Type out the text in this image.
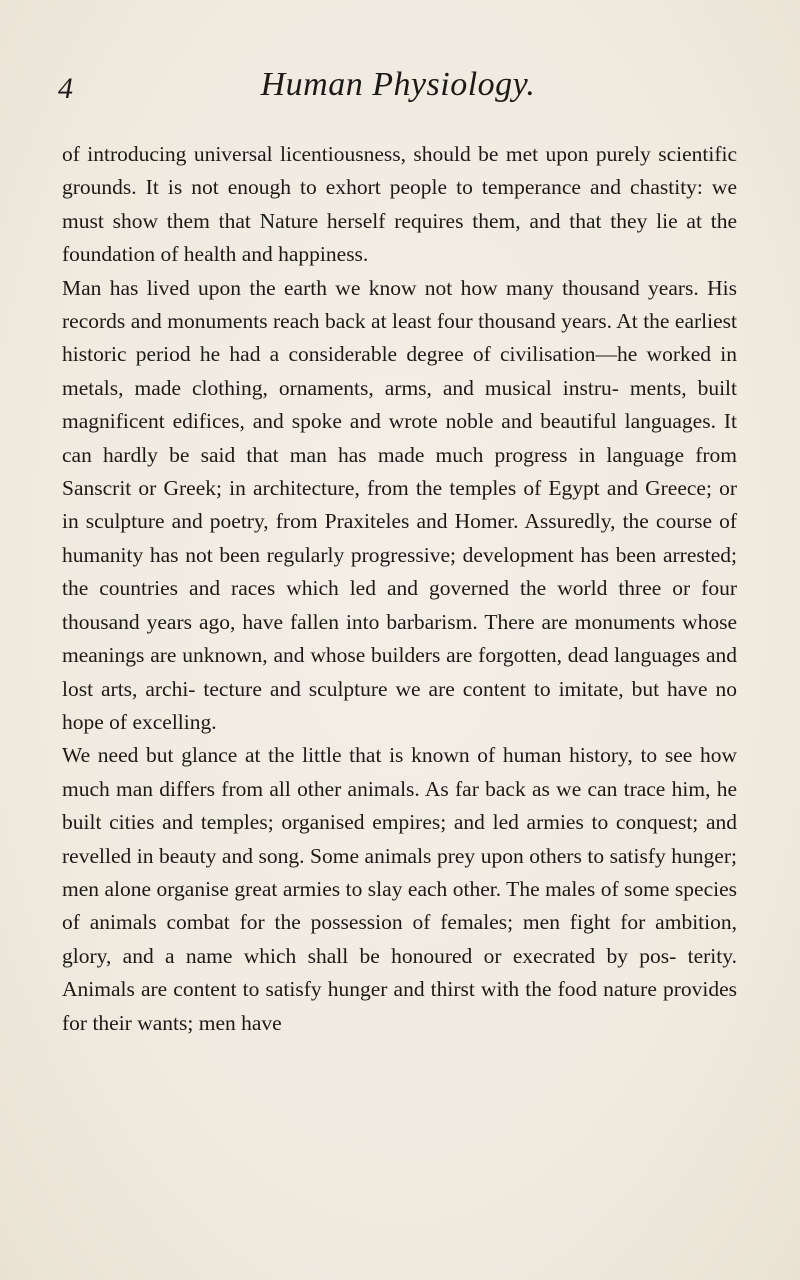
4	Human Physiology.

of introducing universal licentiousness, should be met upon purely scientific grounds. It is not enough to exhort people to temperance and chastity: we must show them that Nature herself requires them, and that they lie at the foundation of health and happiness.

Man has lived upon the earth we know not how many thousand years. His records and monuments reach back at least four thousand years. At the earliest historic period he had a considerable degree of civilisation—he worked in metals, made clothing, ornaments, arms, and musical instru- ments, built magnificent edifices, and spoke and wrote noble and beautiful languages. It can hardly be said that man has made much progress in language from Sanscrit or Greek; in architecture, from the temples of Egypt and Greece; or in sculpture and poetry, from Praxiteles and Homer. Assuredly, the course of humanity has not been regularly progressive; development has been arrested; the countries and races which led and governed the world three or four thousand years ago, have fallen into barbarism. There are monuments whose meanings are unknown, and whose builders are forgotten, dead languages and lost arts, archi- tecture and sculpture we are content to imitate, but have no hope of excelling.

We need but glance at the little that is known of human history, to see how much man differs from all other animals. As far back as we can trace him, he built cities and temples; organised empires; and led armies to conquest; and revelled in beauty and song. Some animals prey upon others to satisfy hunger; men alone organise great armies to slay each other. The males of some species of animals combat for the possession of females; men fight for ambition, glory, and a name which shall be honoured or execrated by pos- terity. Animals are content to satisfy hunger and thirst with the food nature provides for their wants; men have
